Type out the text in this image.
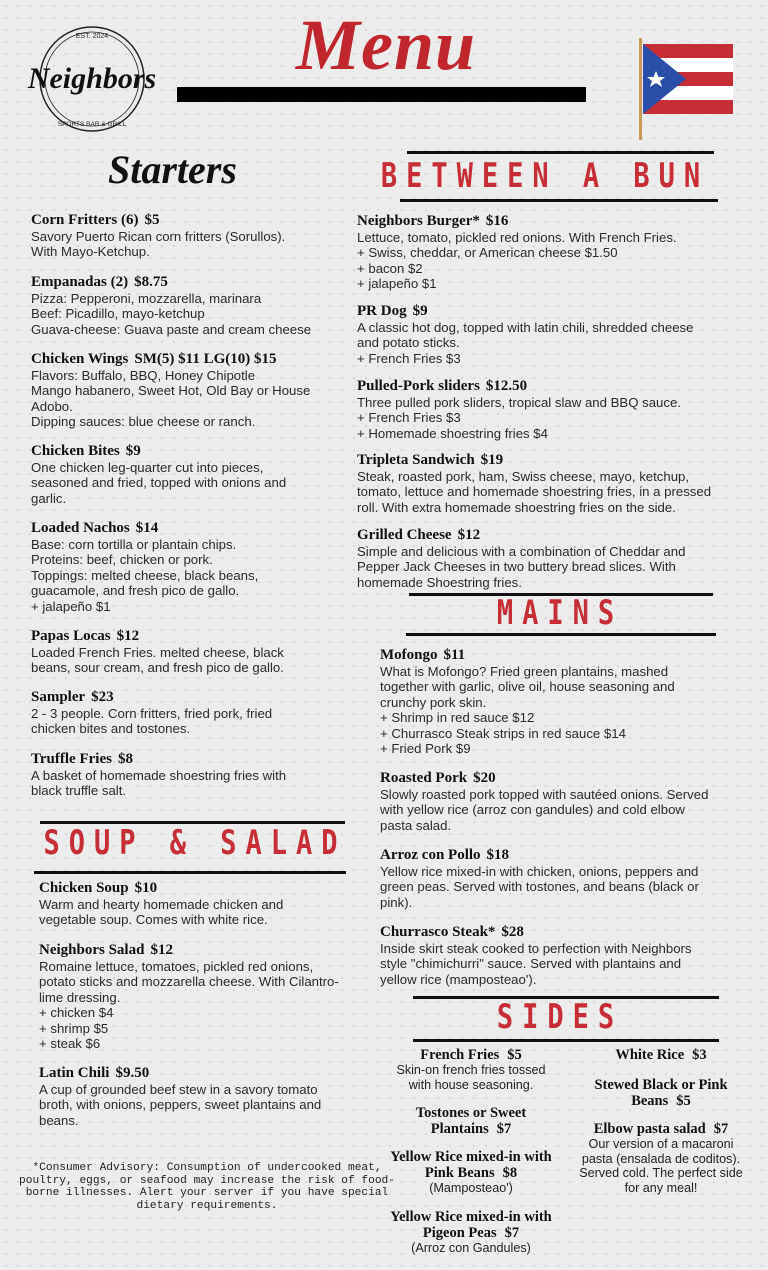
EST. 2024
Neighbors
SPORTS BAR & GRILL
Menu
Starters	BETWEEN A BUN
SOUP & SALAD
MAINS
SIDES
Corn Fritters (6) $5
Savory Puerto Rican corn fritters (Sorullos).
With Mayo-Ketchup.
Empanadas (2) $8.75
Pizza: Pepperoni, mozzarella, marinara
Beef: Picadillo, mayo-ketchup
Guava-cheese: Guava paste and cream cheese
Chicken Wings SM(5) $11 LG(10) $15
Flavors: Buffalo, BBQ, Honey Chipotle
Mango habanero, Sweet Hot, Old Bay or House
Adobo.
Dipping sauces: blue cheese or ranch.
Chicken Bites $9
One chicken leg-quarter cut into pieces,
seasoned and fried, topped with onions and
garlic.
Loaded Nachos $14
Base: corn tortilla or plantain chips.
Proteins: beef, chicken or pork.
Toppings: melted cheese, black beans,
guacamole, and fresh pico de gallo.
+ jalapeño $1
Papas Locas $12
Loaded French Fries. melted cheese, black
beans, sour cream, and fresh pico de gallo.
Sampler $23
2 - 3 people. Corn fritters, fried pork, fried
chicken bites and tostones.
Truffle Fries $8
A basket of homemade shoestring fries with
black truffle salt.
Chicken Soup $10
Warm and hearty homemade chicken and
vegetable soup. Comes with white rice.
Neighbors Salad $12
Romaine lettuce, tomatoes, pickled red onions,
potato sticks and mozzarella cheese. With Cilantro-
lime dressing.
+ chicken $4
+ shrimp $5
+ steak $6
Latin Chili $9.50
A cup of grounded beef stew in a savory tomato
broth, with onions, peppers, sweet plantains and
beans.
Neighbors Burger* $16
Lettuce, tomato, pickled red onions. With French Fries.
+ Swiss, cheddar, or American cheese $1.50
+ bacon $2
+ jalapeño $1
PR Dog $9
A classic hot dog, topped with latin chili, shredded cheese
and potato sticks.
+ French Fries $3
Pulled-Pork sliders $12.50
Three pulled pork sliders, tropical slaw and BBQ sauce.
+ French Fries $3
+ Homemade shoestring fries $4
Tripleta Sandwich $19
Steak, roasted pork, ham, Swiss cheese, mayo, ketchup,
tomato, lettuce and homemade shoestring fries, in a pressed
roll. With extra homemade shoestring fries on the side.
Grilled Cheese $12
Simple and delicious with a combination of Cheddar and
Pepper Jack Cheeses in two buttery bread slices. With
homemade Shoestring fries.
Mofongo $11
What is Mofongo? Fried green plantains, mashed
together with garlic, olive oil, house seasoning and
crunchy pork skin.
+ Shrimp in red sauce $12
+ Churrasco Steak strips in red sauce $14
+ Fried Pork $9
Roasted Pork $20
Slowly roasted pork topped with sautéed onions. Served
with yellow rice (arroz con gandules) and cold elbow
pasta salad.
Arroz con Pollo $18
Yellow rice mixed-in with chicken, onions, peppers and
green peas. Served with tostones, and beans (black or
pink).
Churrasco Steak* $28
Inside skirt steak cooked to perfection with Neighbors
style "chimichurri" sauce. Served with plantains and
yellow rice (mamposteao').
French Fries $5
Skin-on french fries tossed
with house seasoning.
Tostones or Sweet Plantains $7
Yellow Rice mixed-in with Pink Beans $8
(Mamposteao')
Yellow Rice mixed-in with Pigeon Peas $7
(Arroz con Gandules)
White Rice $3
Stewed Black or Pink Beans $5
Elbow pasta salad $7
Our version of a macaroni
pasta (ensalada de coditos).
Served cold. The perfect side
for any meal!
*Consumer Advisory: Consumption of undercooked meat, poultry, eggs, or seafood may increase the risk of food-borne illnesses. Alert your server if you have special dietary requirements.
